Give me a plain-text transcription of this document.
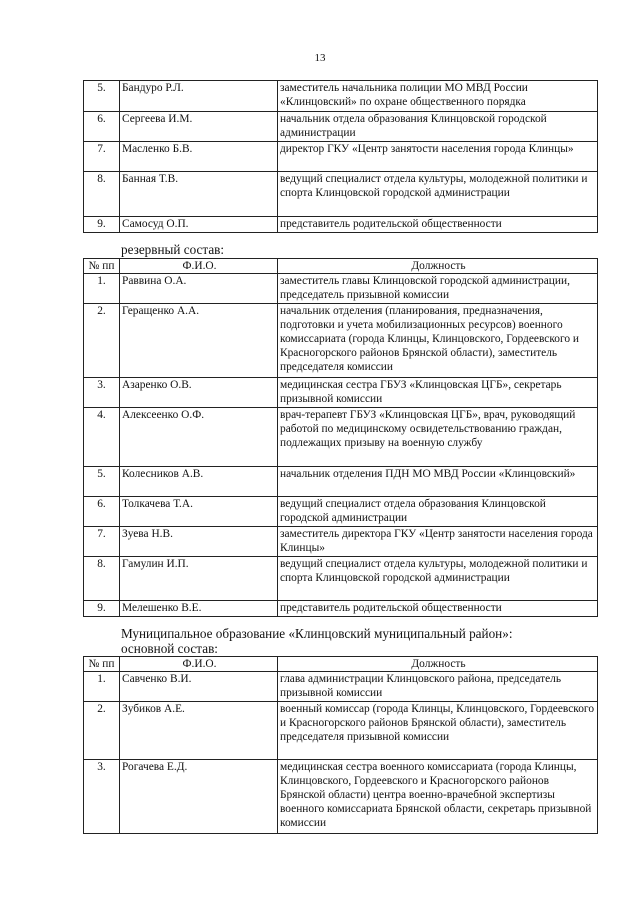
13
5.	Бандуро Р.Л.	заместитель начальника полиции МО МВД России «Клинцовский» по охране общественного порядка
6.	Сергеева И.М.	начальник отдела образования Клинцовской городской администрации
7.	Масленко Б.В.	директор ГКУ «Центр занятости населения города Клинцы»
8.	Банная Т.В.	ведущий специалист отдела культуры, молодежной политики и спорта Клинцовской городской администрации
9.	Самосуд О.П.	представитель родительской общественности
резервный состав:
№ пп	Ф.И.О.	Должность
1.	Раввина О.А.	заместитель главы Клинцовской городской администрации, председатель призывной комиссии
2.	Геращенко А.А.	начальник отделения (планирования, предназначения, подготовки и учета мобилизационных ресурсов) военного комиссариата (города Клинцы, Клинцовского, Гордеевского и Красногорского районов Брянской области), заместитель председателя комиссии
3.	Азаренко О.В.	медицинская сестра ГБУЗ «Клинцовская ЦГБ», секретарь призывной комиссии
4.	Алексеенко О.Ф.	врач-терапевт ГБУЗ «Клинцовская ЦГБ», врач, руководящий работой по медицинскому освидетельствованию граждан, подлежащих призыву на военную службу
5.	Колесников А.В.	начальник отделения ПДН МО МВД России «Клинцовский»
6.	Толкачева Т.А.	ведущий специалист отдела образования Клинцовской городской администрации
7.	Зуева Н.В.	заместитель директора ГКУ «Центр занятости населения города Клинцы»
8.	Гамулин И.П.	ведущий специалист отдела культуры, молодежной политики и спорта Клинцовской городской администрации
9.	Мелешенко В.Е.	представитель родительской общественности
Муниципальное образование «Клинцовский муниципальный район»:
основной состав:
№ пп	Ф.И.О.	Должность
1.	Савченко В.И.	глава администрации Клинцовского района, председатель призывной комиссии
2.	Зубиков А.Е.	военный комиссар (города Клинцы, Клинцовского, Гордеевского и Красногорского районов Брянской области), заместитель председателя призывной комиссии
3.	Рогачева Е.Д.	медицинская сестра военного комиссариата (города Клинцы, Клинцовского, Гордеевского и Красногорского районов Брянской области) центра военно-врачебной экспертизы военного комиссариата Брянской области, секретарь призывной комиссии
